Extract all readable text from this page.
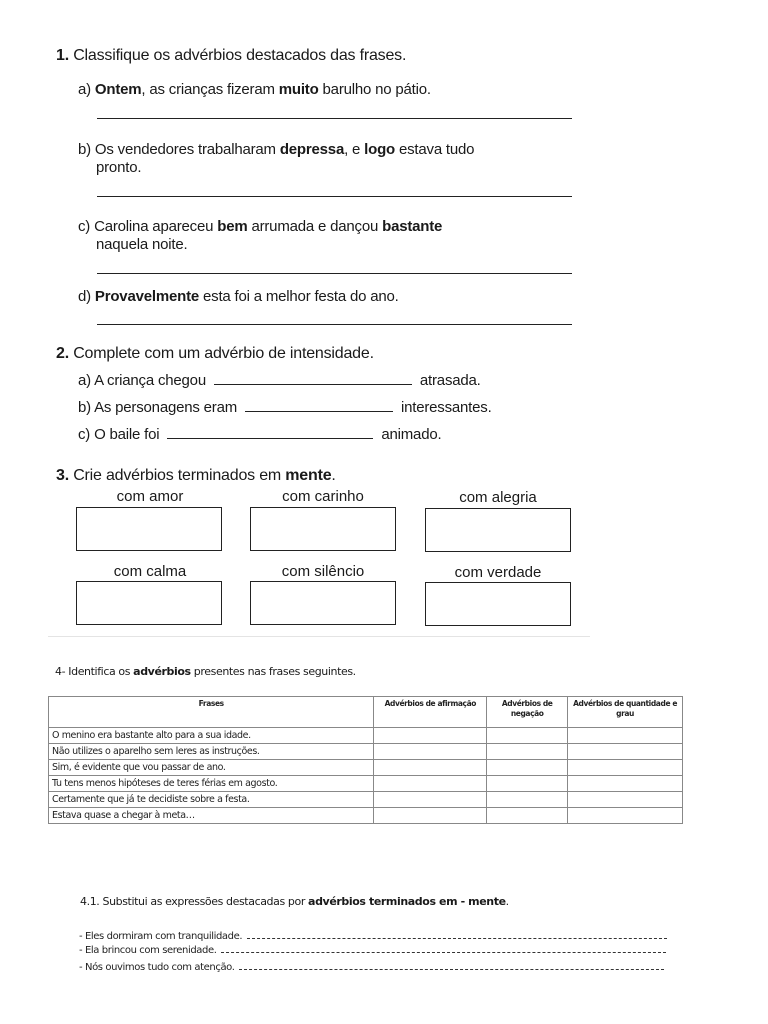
1. Classifique os advérbios destacados das frases.
a) Ontem, as crianças fizeram muito barulho no pátio.
b) Os vendedores trabalharam depressa, e logo estava tudo
pronto.
c) Carolina apareceu bem arrumada e dançou bastante
naquela noite.
d) Provavelmente esta foi a melhor festa do ano.
2. Complete com um advérbio de intensidade.
a) A criança chegou	atrasada.
b) As personagens eram	interessantes.
c) O baile foi	animado.
3. Crie advérbios terminados em mente.
com amor	com carinho	com alegria
com calma	com silêncio	com verdade
4- Identifica os advérbios presentes nas frases seguintes.
Frases	Advérbios de afirmação	Advérbios de negação	Advérbios de quantidade e grau
O menino era bastante alto para a sua idade.			
Não utilizes o aparelho sem leres as instruções.			
Sim, é evidente que vou passar de ano.			
Tu tens menos hipóteses de teres férias em agosto.			
Certamente que já te decidiste sobre a festa.			
Estava quase a chegar à meta…			
4.1. Substitui as expressões destacadas por advérbios terminados em - mente.
- Eles dormiram com tranquilidade.
- Ela brincou com serenidade.
- Nós ouvimos tudo com atenção.
